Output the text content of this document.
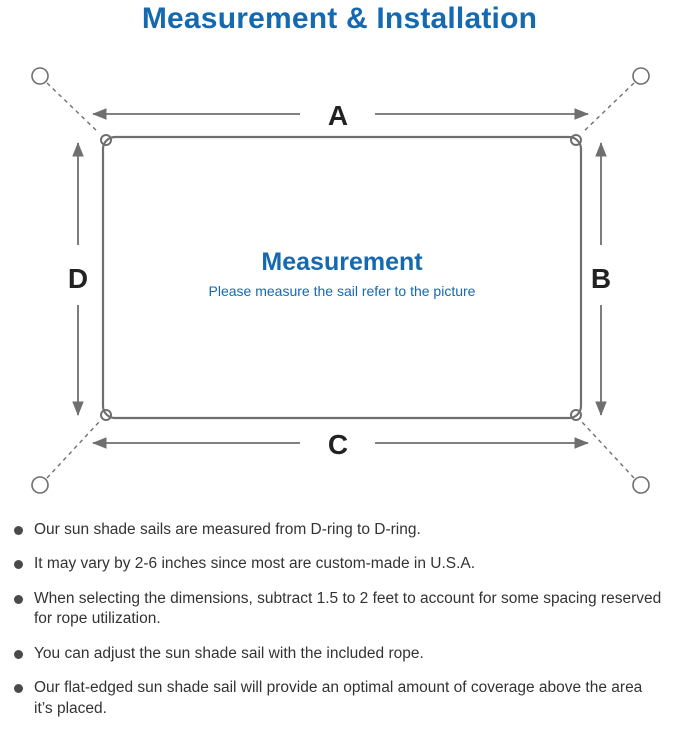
Measurement & Installation
A
C
D	B
Measurement
Please measure the sail refer to the picture
Our sun shade sails are measured from D-ring to D-ring.
It may vary by 2-6 inches since most are custom-made in U.S.A.
When selecting the dimensions, subtract 1.5 to 2 feet to account for some spacing reserved for rope utilization.
You can adjust the sun shade sail with the included rope.
Our flat-edged sun shade sail will provide an optimal amount of coverage above the area it’s placed.
